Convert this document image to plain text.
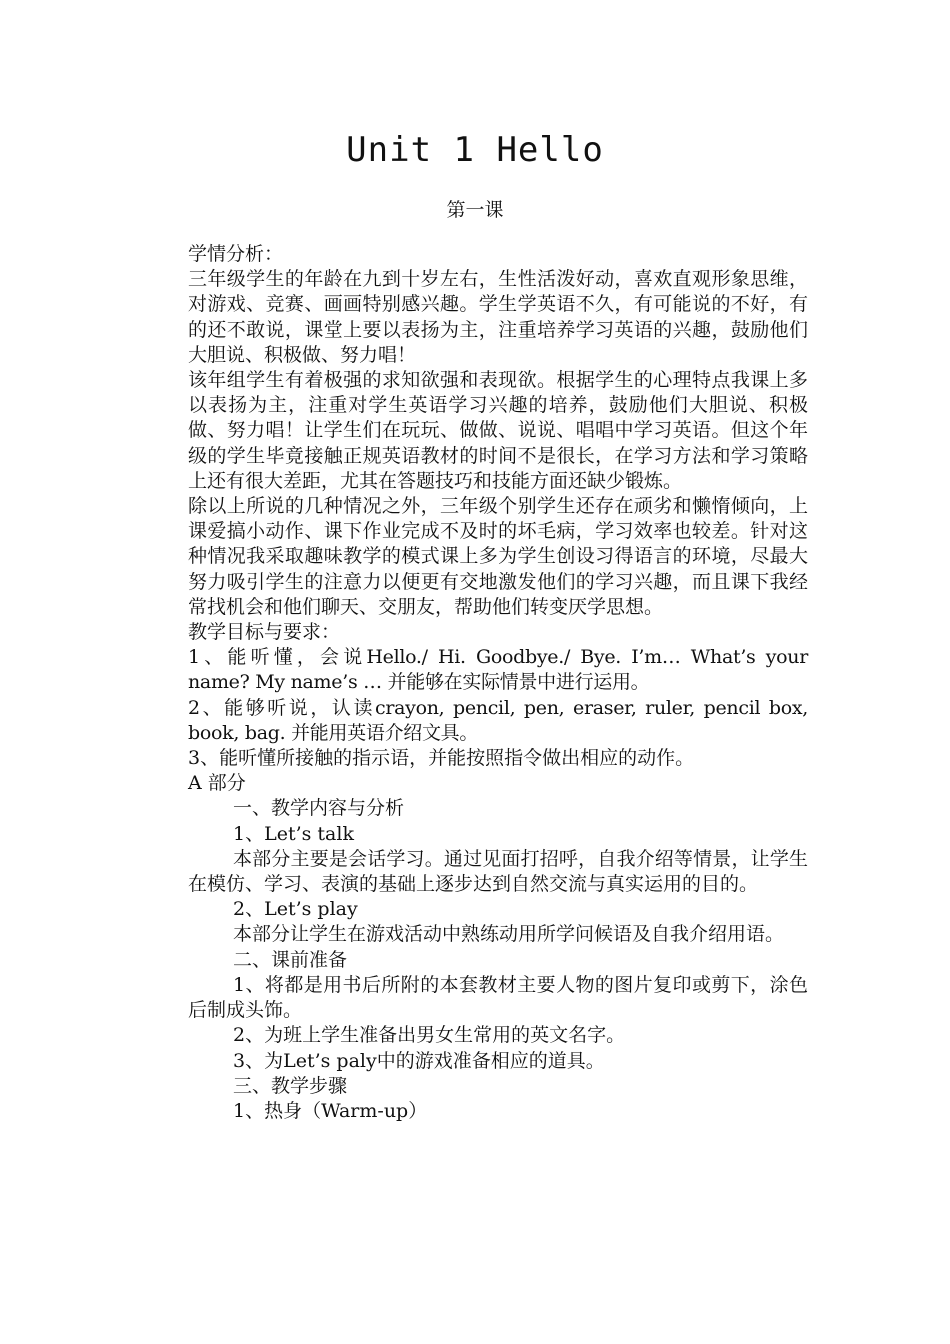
Unit 1 Hello
第一课

学情分析：

三年级学生的年龄在九到十岁左右，生性活泼好动，喜欢直观形象思维，对游戏、竞赛、画画特别感兴趣。学生学英语不久，有可能说的不好，有的还不敢说，课堂上要以表扬为主，注重培养学习英语的兴趣，鼓励他们大胆说、积极做、努力唱！

该年组学生有着极强的求知欲强和表现欲。根据学生的心理特点我课上多以表扬为主，注重对学生英语学习兴趣的培养，鼓励他们大胆说、积极做、努力唱！让学生们在玩玩、做做、说说、唱唱中学习英语。但这个年级的学生毕竟接触正规英语教材的时间不是很长，在学习方法和学习策略上还有很大差距，尤其在答题技巧和技能方面还缺少锻炼。

除以上所说的几种情况之外，三年级个别学生还存在顽劣和懒惰倾向，上课爱搞小动作、课下作业完成不及时的坏毛病，学习效率也较差。针对这种情况我采取趣味教学的模式课上多为学生创设习得语言的环境，尽最大努力吸引学生的注意力以便更有交地激发他们的学习兴趣，而且课下我经常找机会和他们聊天、交朋友，帮助他们转变厌学思想。

教学目标与要求：

1、能听懂，会说Hello./ Hi. Goodbye./ Bye. I’m… What’s your name? My name’s … 并能够在实际情景中进行运用。

2、能够听说，认读crayon, pencil, pen, eraser, ruler, pencil box, book, bag. 并能用英语介绍文具。

3、能听懂所接触的指示语，并能按照指令做出相应的动作。

A 部分

一、教学内容与分析

1、Let’s talk

本部分主要是会话学习。通过见面打招呼，自我介绍等情景，让学生在模仿、学习、表演的基础上逐步达到自然交流与真实运用的目的。

2、Let’s play

本部分让学生在游戏活动中熟练动用所学问候语及自我介绍用语。

二、课前准备

1、将都是用书后所附的本套教材主要人物的图片复印或剪下，涂色后制成头饰。

2、为班上学生准备出男女生常用的英文名字。

3、为Let’s paly中的游戏准备相应的道具。

三、教学步骤

1、热身（Warm-up）
